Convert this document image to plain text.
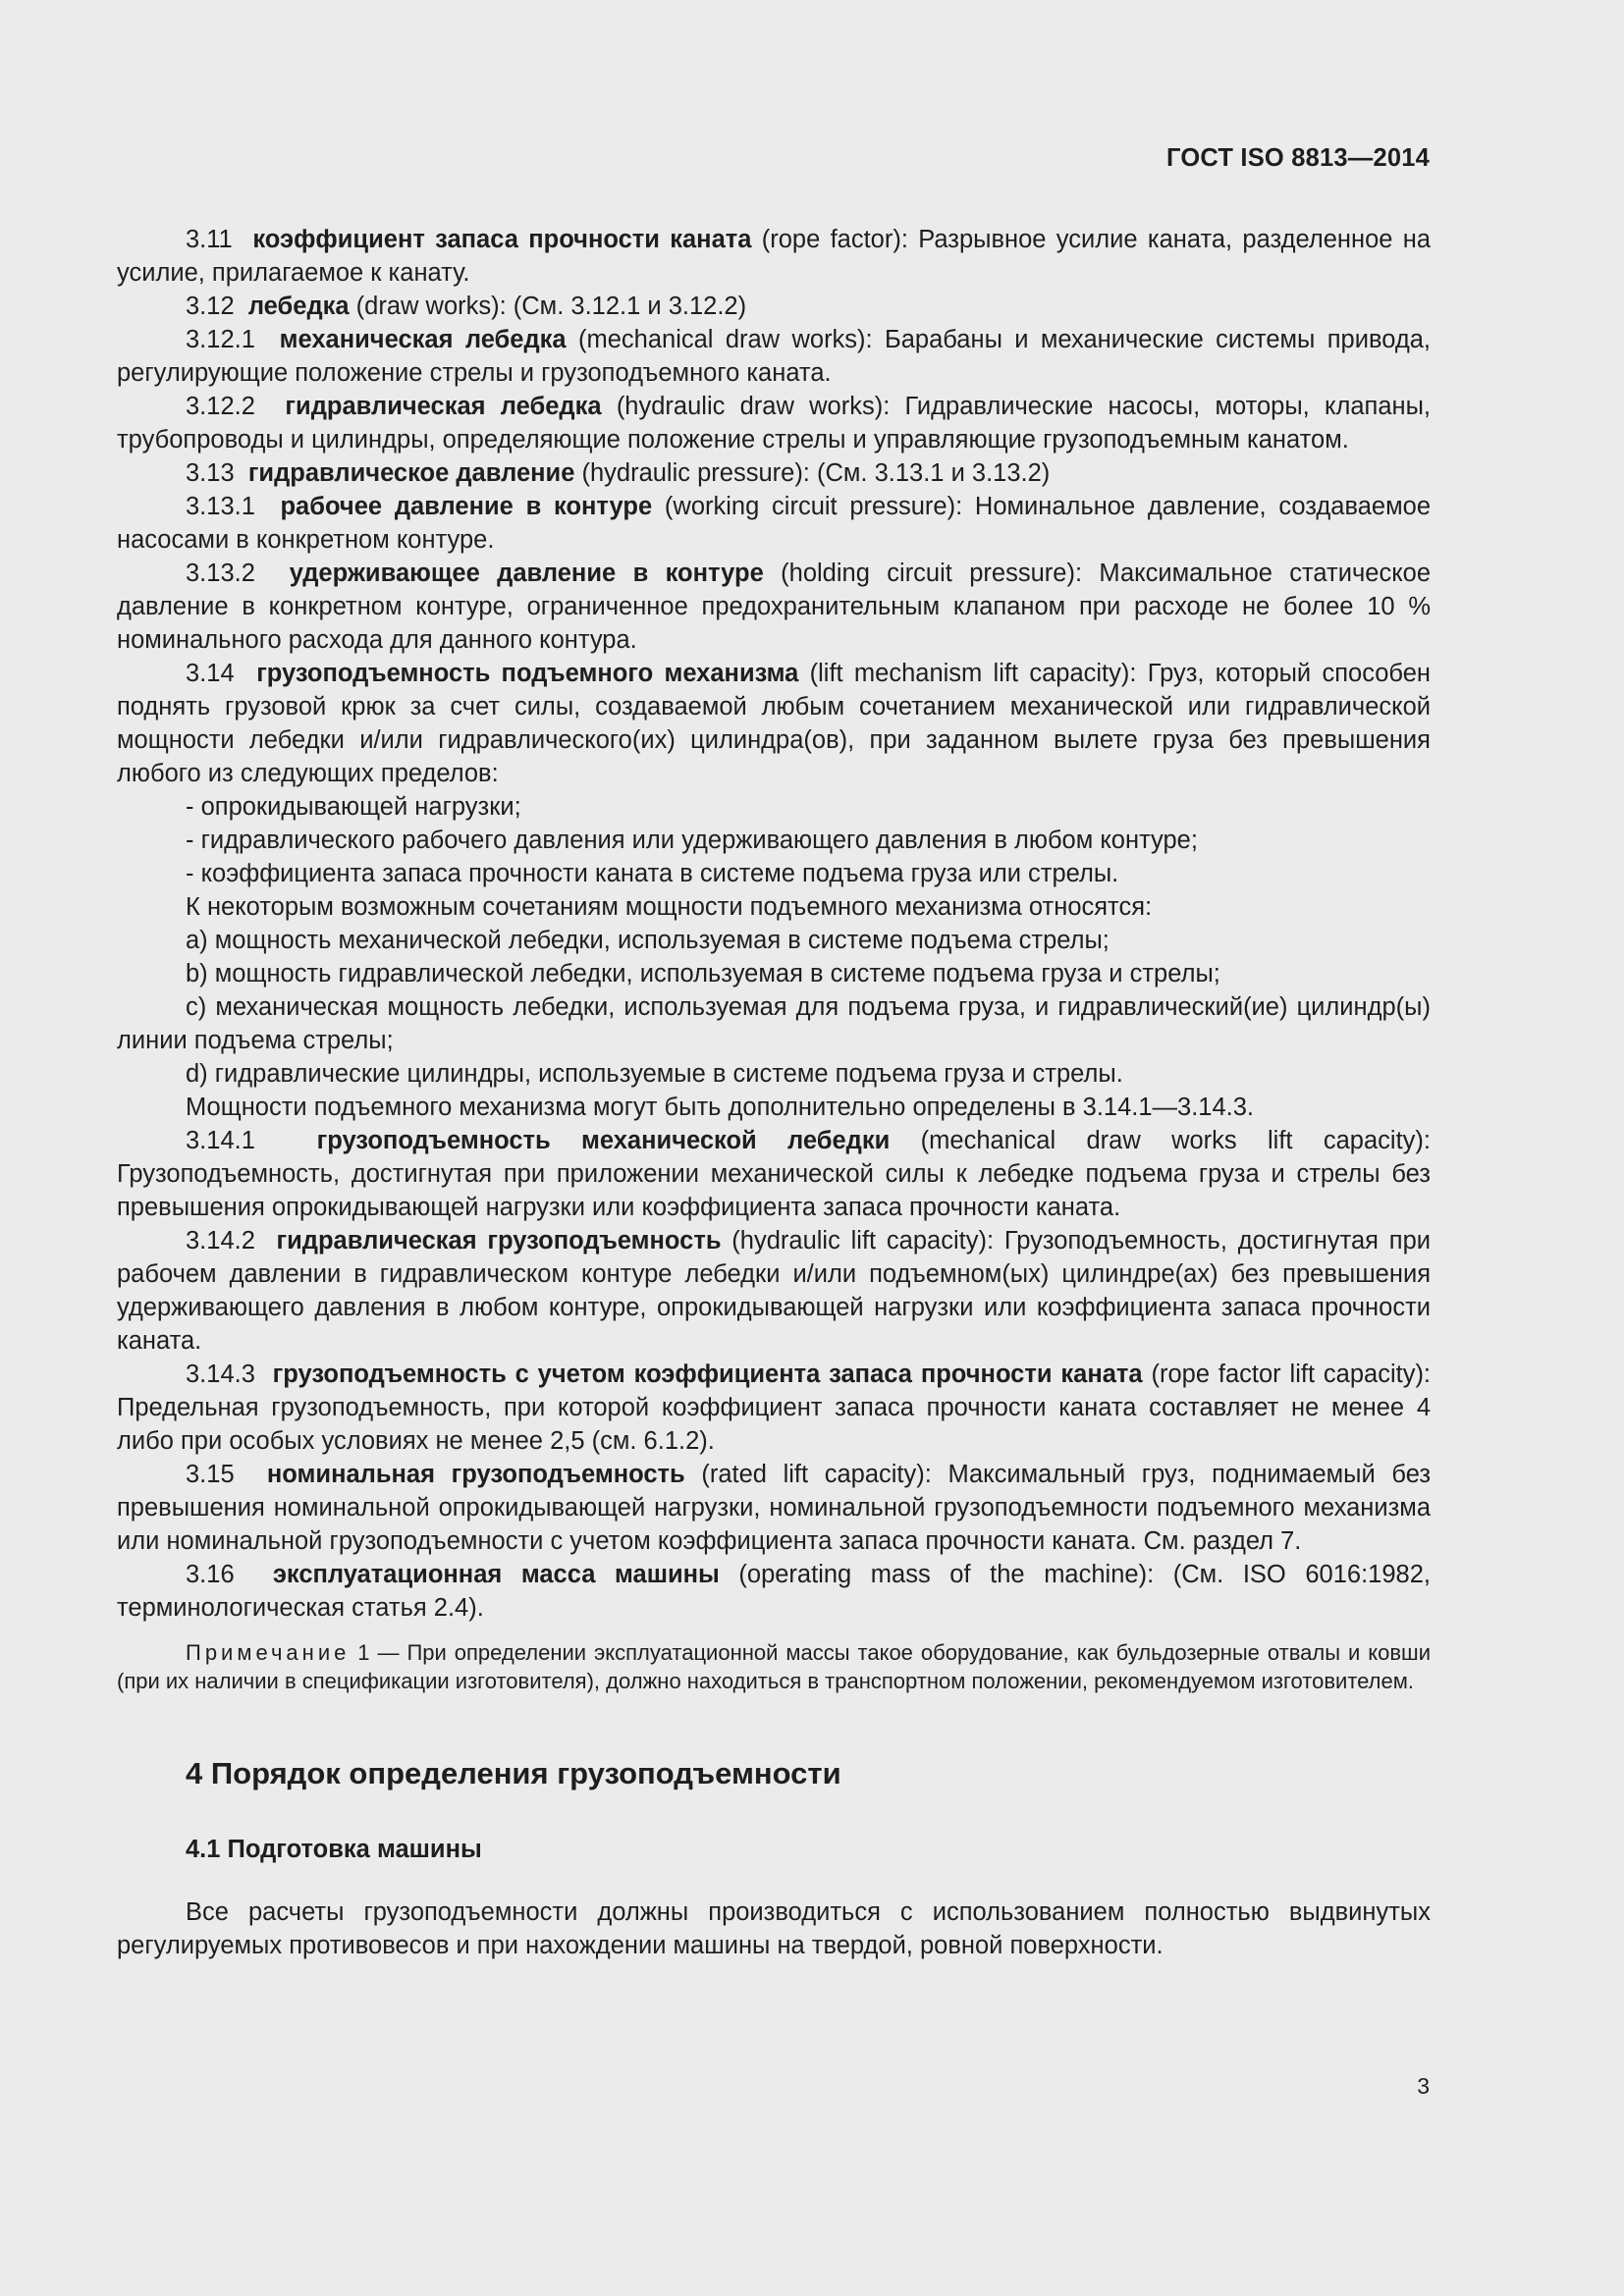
ГОСТ ISO 8813—2014

3.11 коэффициент запаса прочности каната (rope factor): Разрывное усилие каната, разделенное на усилие, прилагаемое к канату.

3.12 лебедка (draw works): (См. 3.12.1 и 3.12.2)

3.12.1 механическая лебедка (mechanical draw works): Барабаны и механические системы привода, регулирующие положение стрелы и грузоподъемного каната.

3.12.2 гидравлическая лебедка (hydraulic draw works): Гидравлические насосы, моторы, клапаны, трубопроводы и цилиндры, определяющие положение стрелы и управляющие грузоподъемным канатом.

3.13 гидравлическое давление (hydraulic pressure): (См. 3.13.1 и 3.13.2)

3.13.1 рабочее давление в контуре (working circuit pressure): Номинальное давление, создаваемое насосами в конкретном контуре.

3.13.2 удерживающее давление в контуре (holding circuit pressure): Максимальное статическое давление в конкретном контуре, ограниченное предохранительным клапаном при расходе не более 10 % номинального расхода для данного контура.

3.14 грузоподъемность подъемного механизма (lift mechanism lift capacity): Груз, который способен поднять грузовой крюк за счет силы, создаваемой любым сочетанием механической или гидравлической мощности лебедки и/или гидравлического(их) цилиндра(ов), при заданном вылете груза без превышения любого из следующих пределов:

- опрокидывающей нагрузки;

- гидравлического рабочего давления или удерживающего давления в любом контуре;

- коэффициента запаса прочности каната в системе подъема груза или стрелы.

К некоторым возможным сочетаниям мощности подъемного механизма относятся:

a) мощность механической лебедки, используемая в системе подъема стрелы;

b) мощность гидравлической лебедки, используемая в системе подъема груза и стрелы;

c) механическая мощность лебедки, используемая для подъема груза, и гидравлический(ие) цилиндр(ы) линии подъема стрелы;

d) гидравлические цилиндры, используемые в системе подъема груза и стрелы.

Мощности подъемного механизма могут быть дополнительно определены в 3.14.1—3.14.3.

3.14.1 грузоподъемность механической лебедки (mechanical draw works lift capacity): Грузоподъемность, достигнутая при приложении механической силы к лебедке подъема груза и стрелы без превышения опрокидывающей нагрузки или коэффициента запаса прочности каната.

3.14.2 гидравлическая грузоподъемность (hydraulic lift capacity): Грузоподъемность, достигнутая при рабочем давлении в гидравлическом контуре лебедки и/или подъемном(ых) цилиндре(ах) без превышения удерживающего давления в любом контуре, опрокидывающей нагрузки или коэффициента запаса прочности каната.

3.14.3 грузоподъемность с учетом коэффициента запаса прочности каната (rope factor lift capacity): Предельная грузоподъемность, при которой коэффициент запаса прочности каната составляет не менее 4 либо при особых условиях не менее 2,5 (см. 6.1.2).

3.15 номинальная грузоподъемность (rated lift capacity): Максимальный груз, поднимаемый без превышения номинальной опрокидывающей нагрузки, номинальной грузоподъемности подъемного механизма или номинальной грузоподъемности с учетом коэффициента запаса прочности каната. См. раздел 7.

3.16 эксплуатационная масса машины (operating mass of the machine): (См. ISO 6016:1982, терминологическая статья 2.4).

Примечание 1 — При определении эксплуатационной массы такое оборудование, как бульдозерные отвалы и ковши (при их наличии в спецификации изготовителя), должно находиться в транспортном положении, рекомендуемом изготовителем.

4 Порядок определения грузоподъемности
4.1 Подготовка машины

Все расчеты грузоподъемности должны производиться с использованием полностью выдвинутых регулируемых противовесов и при нахождении машины на твердой, ровной поверхности.

3
